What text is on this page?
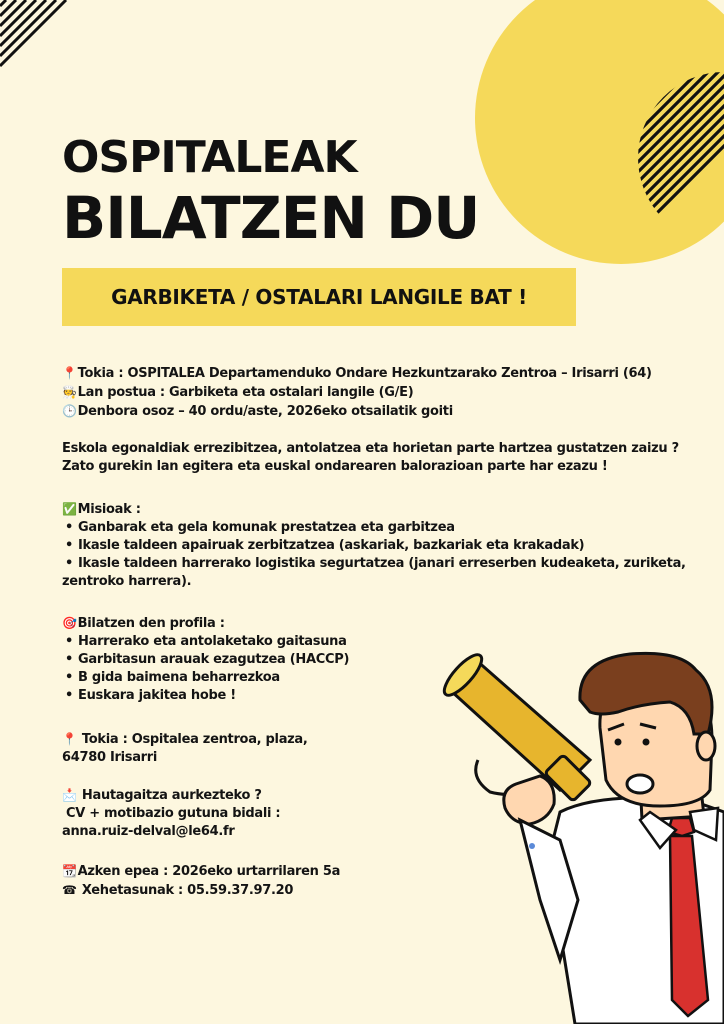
OSPITALEAK
BILATZEN DU
GARBIKETA / OSTALARI LANGILE BAT !
📍Tokia : OSPITALEA Departamenduko Ondare Hezkuntzarako Zentroa – Irisarri (64)
🧑‍🍳Lan postua : Garbiketa eta ostalari langile (G/E)
🕒Denbora osoz – 40 ordu/aste, 2026eko otsailatik goiti
Eskola egonaldiak errezibitzea, antolatzea eta horietan parte hartzea gustatzen zaizu ?
Zato gurekin lan egitera eta euskal ondarearen balorazioan parte har ezazu !
✅Misioak :
• Ganbarak eta gela komunak prestatzea eta garbitzea
• Ikasle taldeen apairuak zerbitzatzea (askariak, bazkariak eta krakadak)
• Ikasle taldeen harrerako logistika segurtatzea (janari erreserben kudeaketa, zuriketa, zentroko harrera).
🎯Bilatzen den profila :
• Harrerako eta antolaketako gaitasuna
• Garbitasun arauak ezagutzea (HACCP)
• B gida baimena beharrezkoa
• Euskara jakitea hobe !
📍 Tokia : Ospitalea zentroa, plaza,
64780 Irisarri
📩 Hautagaitza aurkezteko ?
CV + motibazio gutuna bidali :
anna.ruiz-delval@le64.fr
📆Azken epea : 2026eko urtarrilaren 5a
☎ Xehetasunak : 05.59.37.97.20
